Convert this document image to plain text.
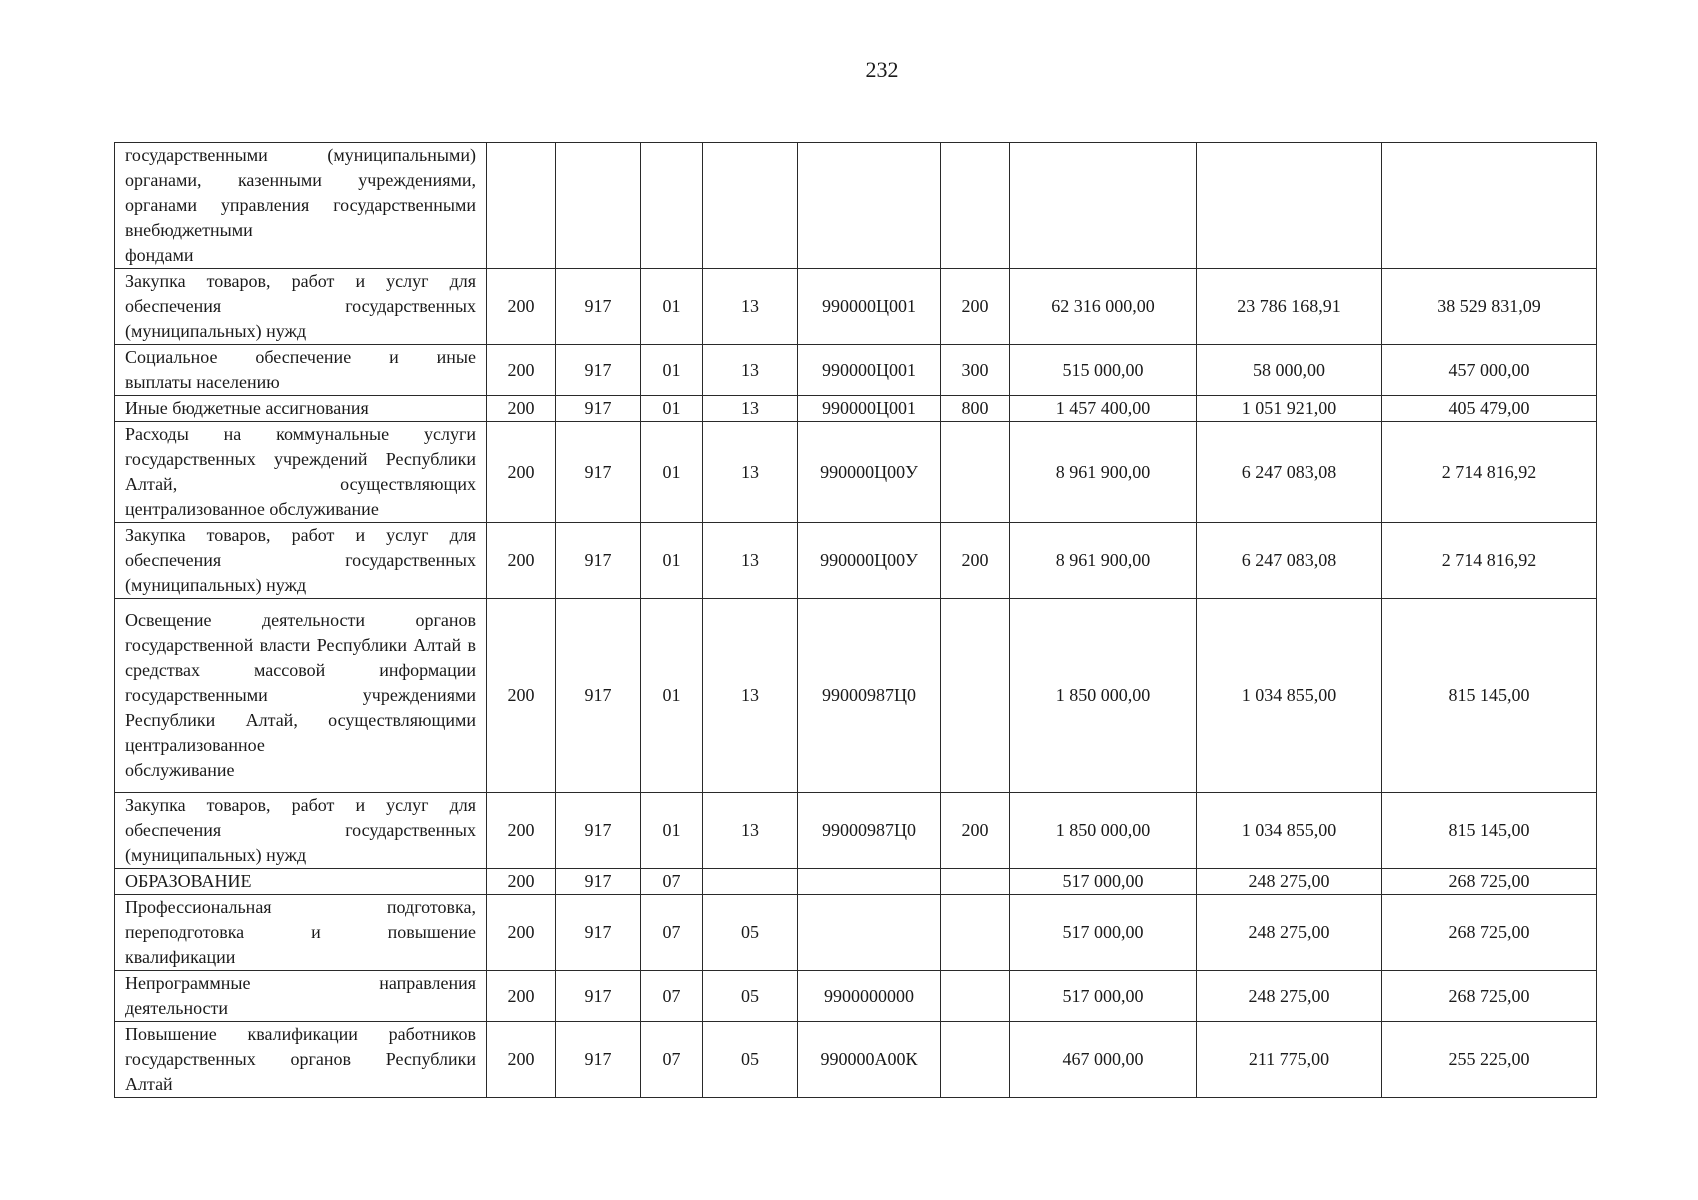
232
государственными (муниципальными) органами, казенными учреждениями, органами управления государственными внебюджетными
фондами									

Закупка товаров, работ и услуг для обеспечения государственных
(муниципальных) нужд	200	917	01	13	990000Ц001	200	62 316 000,00	23 786 168,91	38 529 831,09

Социальное обеспечение и иные
выплаты населению	200	917	01	13	990000Ц001	300	515 000,00	58 000,00	457 000,00
Иные бюджетные ассигнования	200	917	01	13	990000Ц001	800	1 457 400,00	1 051 921,00	405 479,00

Расходы на коммунальные услуги государственных учреждений Республики Алтай, осуществляющих
централизованное обслуживание	200	917	01	13	990000Ц00У		8 961 900,00	6 247 083,08	2 714 816,92

Закупка товаров, работ и услуг для обеспечения государственных
(муниципальных) нужд	200	917	01	13	990000Ц00У	200	8 961 900,00	6 247 083,08	2 714 816,92

Освещение деятельности органов государственной власти Республики Алтай в средствах массовой информации государственными учреждениями Республики Алтай, осуществляющими централизованное
обслуживание	200	917	01	13	99000987Ц0		1 850 000,00	1 034 855,00	815 145,00

Закупка товаров, работ и услуг для обеспечения государственных
(муниципальных) нужд	200	917	01	13	99000987Ц0	200	1 850 000,00	1 034 855,00	815 145,00
ОБРАЗОВАНИЕ	200	917	07				517 000,00	248 275,00	268 725,00

Профессиональная подготовка, переподготовка и повышение
квалификации	200	917	07	05			517 000,00	248 275,00	268 725,00

Непрограммные направления
деятельности	200	917	07	05	9900000000		517 000,00	248 275,00	268 725,00

Повышение квалификации работников государственных органов Республики
Алтай	200	917	07	05	990000А00К		467 000,00	211 775,00	255 225,00
